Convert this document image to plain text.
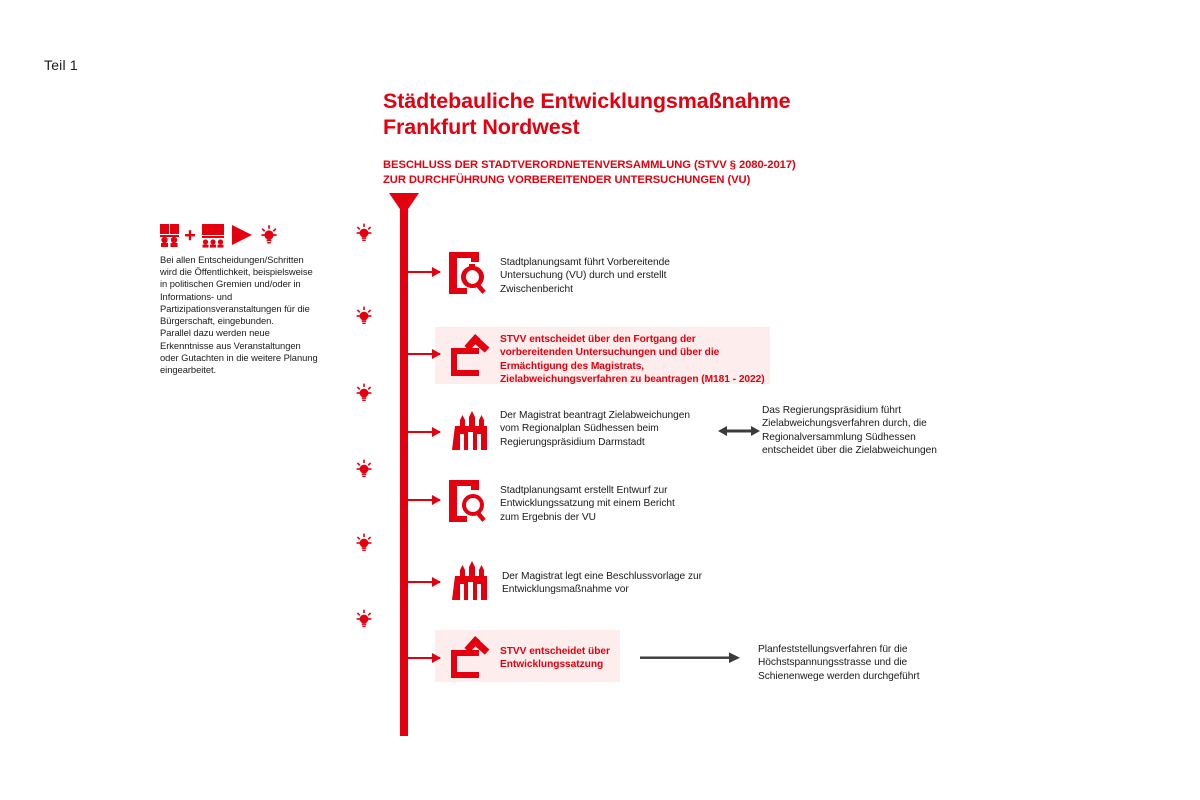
Teil 1
Städtebauliche Entwicklungsmaßnahme
Frankfurt Nordwest
BESCHLUSS DER STADTVERORDNETENVERSAMMLUNG (STVV § 2080-2017)
ZUR DURCHFÜHRUNG VORBEREITENDER UNTERSUCHUNGEN (VU)

Bei allen Entscheidungen/Schritten wird die Öffentlichkeit, beispielsweise in politischen Gremien und/oder in Informations- und Partizipationsveranstaltungen für die Bürgerschaft, eingebunden.

Parallel dazu werden neue Erkenntnisse aus Veranstaltungen oder Gutachten in die weitere Planung eingearbeitet.

Stadtplanungsamt führt Vorbereitende Untersuchung (VU) durch und erstellt Zwischenbericht
STVV entscheidet über den Fortgang der vorbereitenden Untersuchungen und über die Ermächtigung des Magistrats, Zielabweichungsverfahren zu beantragen (M181 - 2022)
Der Magistrat beantragt Zielabweichungen vom Regionalplan Südhessen beim Regierungspräsidium Darmstadt
Das Regierungspräsidium führt Zielabweichungsverfahren durch, die Regionalversammlung Südhessen entscheidet über die Zielabweichungen
Stadtplanungsamt erstellt Entwurf zur Entwicklungssatzung mit einem Bericht zum Ergebnis der VU
Der Magistrat legt eine Beschlussvorlage zur Entwicklungsmaßnahme vor
STVV entscheidet über Entwicklungssatzung
Planfeststellungsverfahren für die Höchstspannungsstrasse und die Schienenwege werden durchgeführt
